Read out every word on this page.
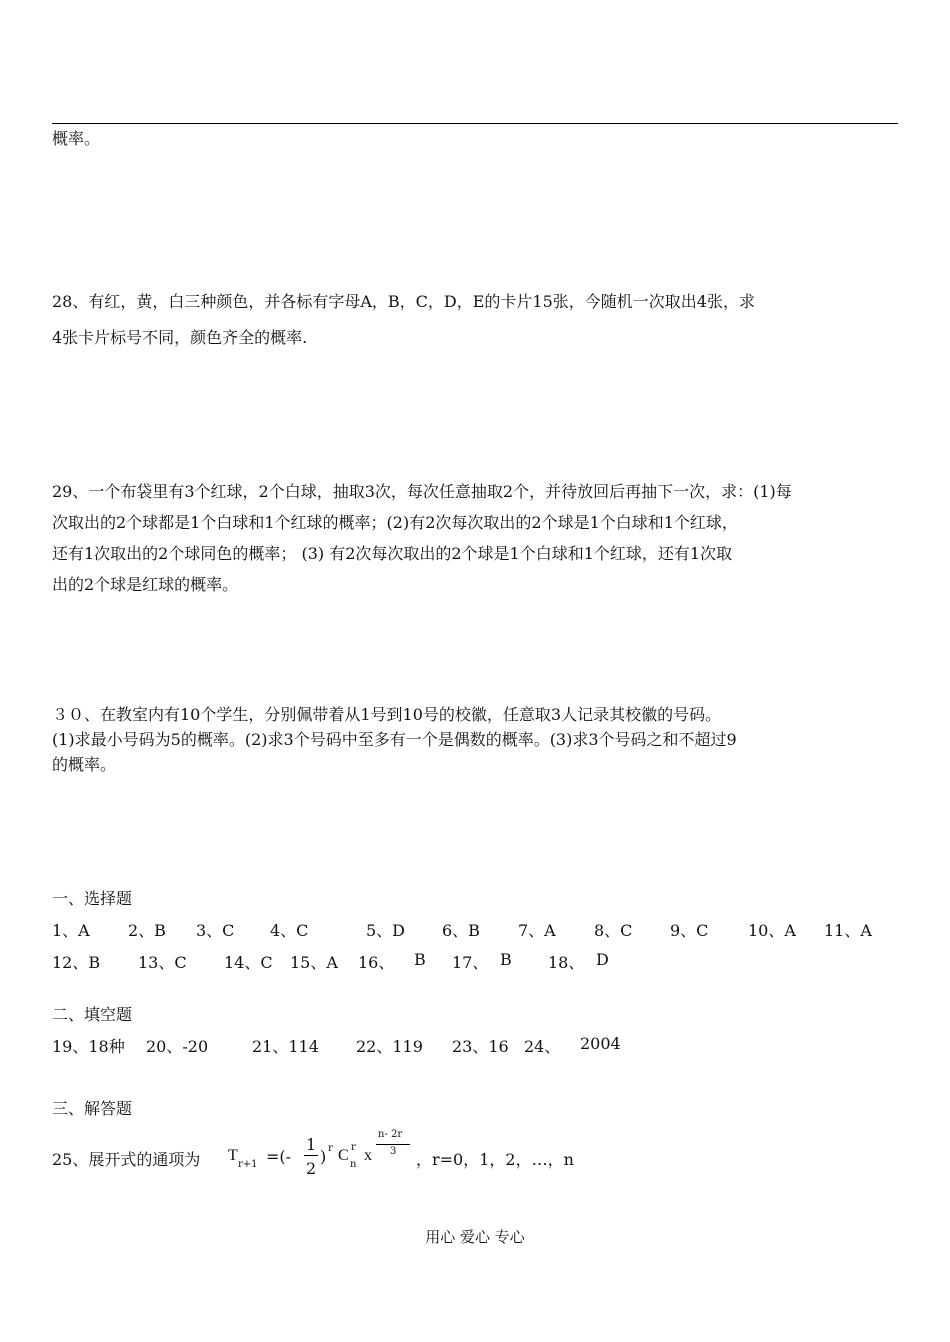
概率。

28、有红，黄，白三种颜色，并各标有字母A，B，C，D，E的卡片15张，今随机一次取出4张，求

4张卡片标号不同，颜色齐全的概率.

29、一个布袋里有3个红球，2个白球，抽取3次，每次任意抽取2个，并待放回后再抽下一次，求：(1)每

次取出的2个球都是1个白球和1个红球的概率；(2)有2次每次取出的2个球是1个白球和1个红球，

还有1次取出的2个球同色的概率； (3) 有2次每次取出的2个球是1个白球和1个红球，还有1次取

出的2个球是红球的概率。

３０、在教室内有10个学生，分别佩带着从1号到10号的校徽，任意取3人记录其校徽的号码。

(1)求最小号码为5的概率。(2)求3个号码中至多有一个是偶数的概率。(3)求3个号码之和不超过9

的概率。

一、选择题
1、A 2、B 3、C 4、C	5、D 6、B 7、A 8、C 9、C 10、A 11、A
12、B 13、C 14、C 15、A 16、 B 17、 B 18、 D
二、填空题
19、18种 20、-20	21、114 22、119 23、16 24、 2004
三、解答题
25、展开式的通项为 T
r+1 =(-
1
2
) r C r
n
x
n- 2r
3 ，r=0，1，2，…，n
用心 爱心 专心
